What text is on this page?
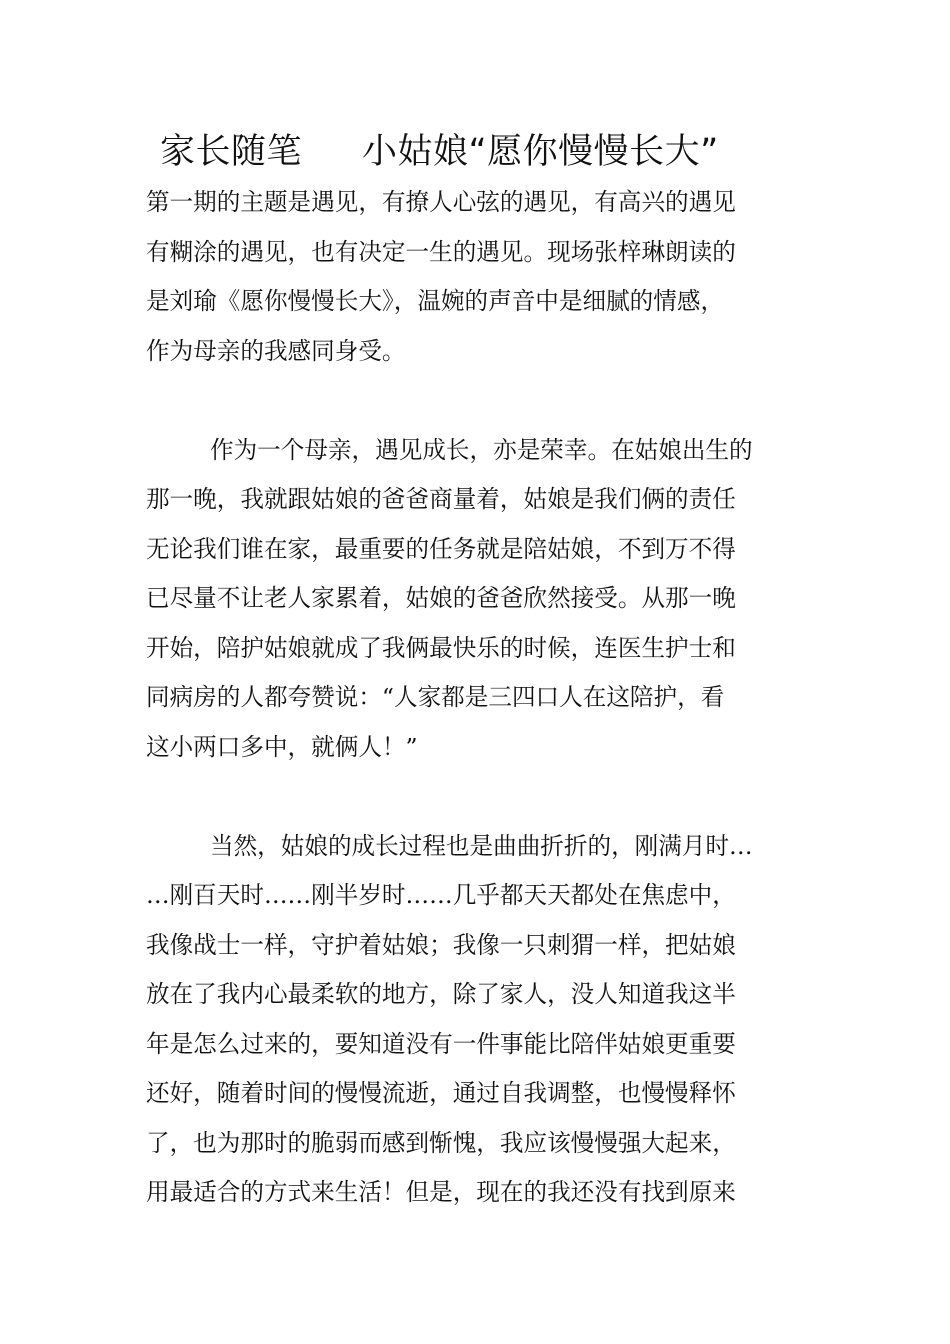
家长随笔 小姑娘“愿你慢慢长大”
第一期的主题是遇见，有撩人心弦的遇见，有高兴的遇见
有糊涂的遇见，也有决定一生的遇见。现场张梓琳朗读的
是刘瑜《愿你慢慢长大》，温婉的声音中是细腻的情感，
作为母亲的我感同身受。
作为一个母亲，遇见成长，亦是荣幸。在姑娘出生的
那一晚，我就跟姑娘的爸爸商量着，姑娘是我们俩的责任
无论我们谁在家，最重要的任务就是陪姑娘，不到万不得
已尽量不让老人家累着，姑娘的爸爸欣然接受。从那一晚
开始，陪护姑娘就成了我俩最快乐的时候，连医生护士和
同病房的人都夸赞说：“人家都是三四口人在这陪护，看
这小两口多中，就俩人！”
当然，姑娘的成长过程也是曲曲折折的，刚满月时…
…刚百天时……刚半岁时……几乎都天天都处在焦虑中，
我像战士一样，守护着姑娘；我像一只刺猬一样，把姑娘
放在了我内心最柔软的地方，除了家人，没人知道我这半
年是怎么过来的，要知道没有一件事能比陪伴姑娘更重要
还好，随着时间的慢慢流逝，通过自我调整，也慢慢释怀
了，也为那时的脆弱而感到惭愧，我应该慢慢强大起来，
用最适合的方式来生活！但是，现在的我还没有找到原来
